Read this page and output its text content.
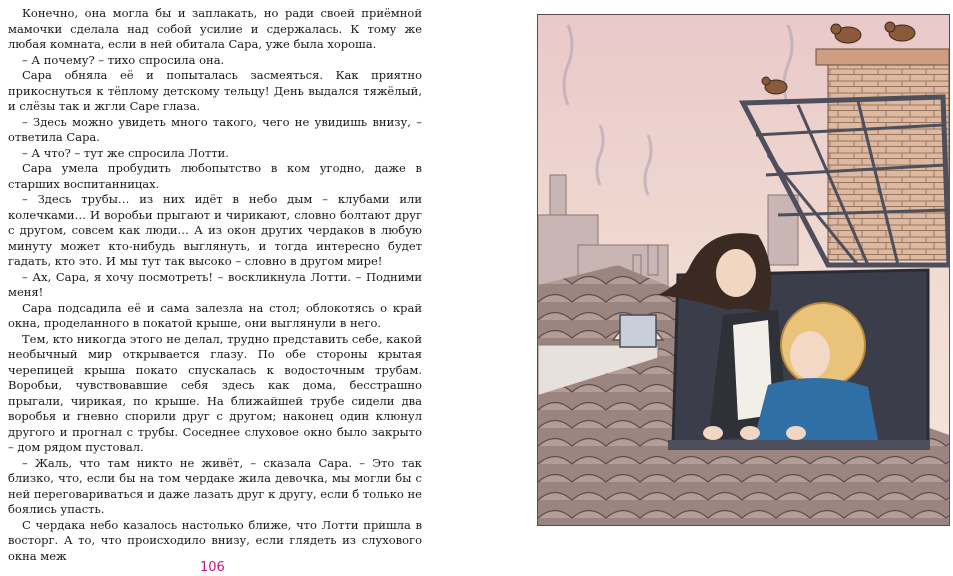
Конечно, она могла бы и заплакать, но ради своей приёмной мамочки сделала над собой усилие и сдержалась. К тому же любая комната, если в ней обитала Сара, уже была хороша.

– А почему? – тихо спросила она.

Сара обняла её и попыталась засмеяться. Как приятно прикоснуться к тёплому детскому тельцу! День выдался тяжёлый, и слёзы так и жгли Саре глаза.

– Здесь можно увидеть много такого, чего не увидишь внизу, – ответила Сара.

– А что? – тут же спросила Лотти.

Сара умела пробудить любопытство в ком угодно, даже в старших воспитанницах.

– Здесь трубы… из них идёт в небо дым – клубами или колечками… И воробьи прыгают и чирикают, словно болтают друг с другом, совсем как люди… А из окон других чердаков в любую минуту может кто-нибудь выглянуть, и тогда интересно будет гадать, кто это. И мы тут так высоко – словно в другом мире!

– Ах, Сара, я хочу посмотреть! – воскликнула Лотти. – Подними меня!

Сара подсадила её и сама залезла на стол; облокотясь о край окна, проделанного в покатой крыше, они выглянули в него.

Тем, кто никогда этого не делал, трудно представить себе, какой необычный мир открывается глазу. По обе стороны крытая черепицей крыша покато спускалась к водосточным трубам. Воробьи, чувствовавшие себя здесь как дома, бесстрашно прыгали, чирикая, по крыше. На ближайшей трубе сидели два воробья и гневно спорили друг с другом; наконец один клюнул другого и прогнал с трубы. Соседнее слуховое окно было закрыто – дом рядом пустовал.

– Жаль, что там никто не живёт, – сказала Сара. – Это так близко, что, если бы на том чердаке жила девочка, мы могли бы с ней переговариваться и даже лазать друг к другу, если б только не боялись упасть.

С чердака небо казалось настолько ближе, что Лотти пришла в восторг. А то, что происходило внизу, если глядеть из слухового окна меж

106
